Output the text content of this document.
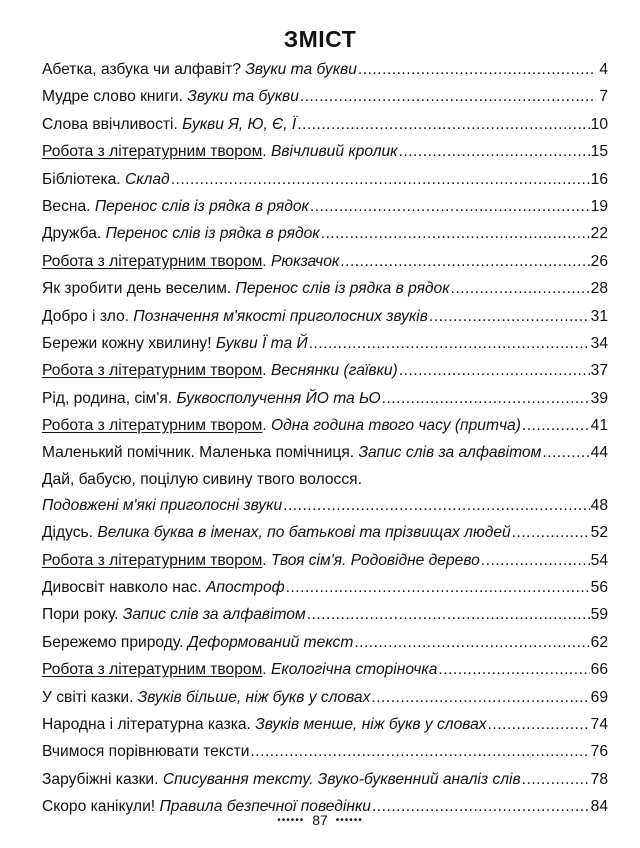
ЗМІСТ
Абетка, азбука чи алфавіт? Звуки та букви .....	4
Мудре слово книги. Звуки та букви .....	7
Слова ввічливості. Букви Я, Ю, Є, Ї .....	10
Робота з літературним твором. Ввічливий кролик .....	15
Бібліотека. Склад .....	16
Весна. Перенос слів із рядка в рядок .....	19
Дружба. Перенос слів із рядка в рядок .....	22
Робота з літературним твором. Рюкзачок .....	26
Як зробити день веселим. Перенос слів із рядка в рядок .....	28
Добро і зло. Позначення м'якості приголосних звуків .....	31
Бережи кожну хвилину! Букви Ї та Й .....	34
Робота з літературним твором. Веснянки (гаївки) .....	37
Рід, родина, сім'я. Буквосполучення ЙО та ЬО .....	39
Робота з літературним твором. Одна година твого часу (притча) .....	41
Маленький помічник. Маленька помічниця. Запис слів за алфавітом .....	44
Дай, бабусю, поцілую сивину твого волосся.
Подовжені м'які приголосні звуки .....	48
Дідусь. Велика буква в іменах, по батькові та прізвищах людей .....	52
Робота з літературним твором. Твоя сім'я. Родовідне дерево .....	54
Дивосвіт навколо нас. Апостроф .....	56
Пори року. Запис слів за алфавітом .....	59
Бережемо природу. Деформований текст .....	62
Робота з літературним твором. Екологічна сторіночка .....	66
У світі казки. Звуків більше, ніж букв у словах .....	69
Народна і літературна казка. Звуків менше, ніж букв у словах .....	74
Вчимося порівнювати тексти .....	76
Зарубіжні казки. Списування тексту. Звуко-буквенний аналіз слів .....	78
Скоро канікули! Правила безпечної поведінки .....	84
•••••• 87 ••••••
